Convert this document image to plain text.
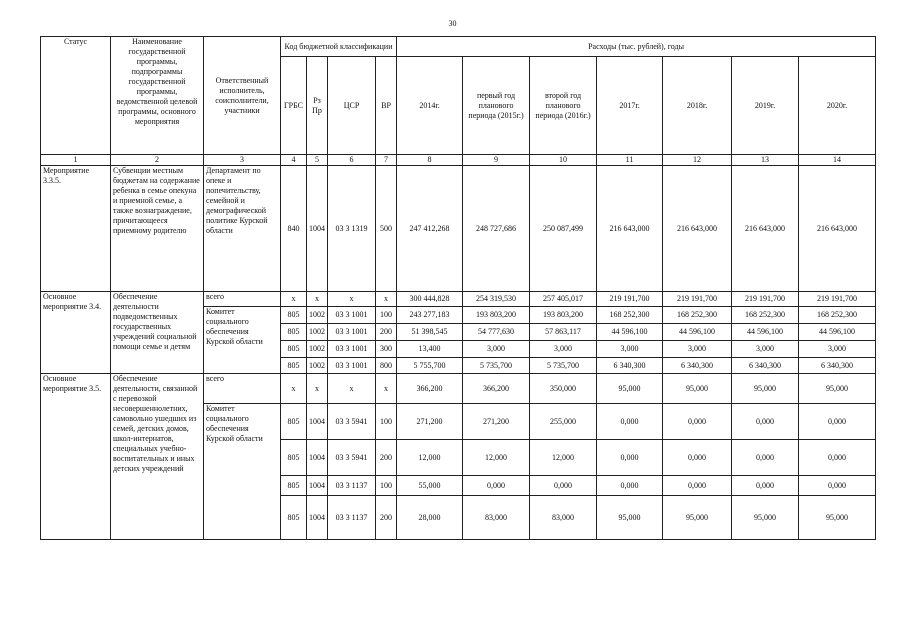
30
Статус	Наименование государственной программы, подпрограммы государственной программы, ведомственной целевой программы, основного мероприятия	Ответственный исполнитель, соисполнители, участники	Код бюджетной классификации				Расходы (тыс. рублей), годы						
			ГРБС	Рз Пр	ЦСР	ВР	2014г.	первый год планового периода (2015г.)	второй год планового периода (2016г.)	2017г.	2018г.	2019г.	2020г.
1	2	3	4	5	6	7	8	9	10	11	12	13	14
Мероприятие 3.3.5.	Субвенции местным бюджетам на содержание ребенка в семье опекуна и приемной семье, а также вознаграждение, причитающееся приемному родителю	Департамент по опеке и попечительству, семейной и демографической политике Курской области	840	1004	03 3 1319	500	247 412,268	248 727,686	250 087,499	216 643,000	216 643,000	216 643,000	216 643,000
Основное мероприятие 3.4.	Обеспечение деятельности подведомственных государственных учреждений социальной помощи семье и детям	всего	x	x	x	x	300 444,828	254 319,530	257 405,017	219 191,700	219 191,700	219 191,700	219 191,700
		Комитет социального обеспечения Курской области	805	1002	03 3 1001	100	243 277,183	193 803,200	193 803,200	168 252,300	168 252,300	168 252,300	168 252,300
			805	1002	03 3 1001	200	51 398,545	54 777,630	57 863,117	44 596,100	44 596,100	44 596,100	44 596,100
			805	1002	03 3 1001	300	13,400	3,000	3,000	3,000	3,000	3,000	3,000
			805	1002	03 3 1001	800	5 755,700	5 735,700	5 735,700	6 340,300	6 340,300	6 340,300	6 340,300
Основное мероприятие 3.5.	Обеспечение деятельности, связанной с перевозкой несовершеннолетних, самовольно ушедших из семей, детских домов, школ-интернатов, специальных учебно-воспитательных и иных детских учреждений	всего	x	x	x	x	366,200	366,200	350,000	95,000	95,000	95,000	95,000
		Комитет социального обеспечения Курской области	805	1004	03 3 5941	100	271,200	271,200	255,000	0,000	0,000	0,000	0,000
			805	1004	03 3 5941	200	12,000	12,000	12,000	0,000	0,000	0,000	0,000
			805	1004	03 3 1137	100	55,000	0,000	0,000	0,000	0,000	0,000	0,000
			805	1004	03 3 1137	200	28,000	83,000	83,000	95,000	95,000	95,000	95,000
